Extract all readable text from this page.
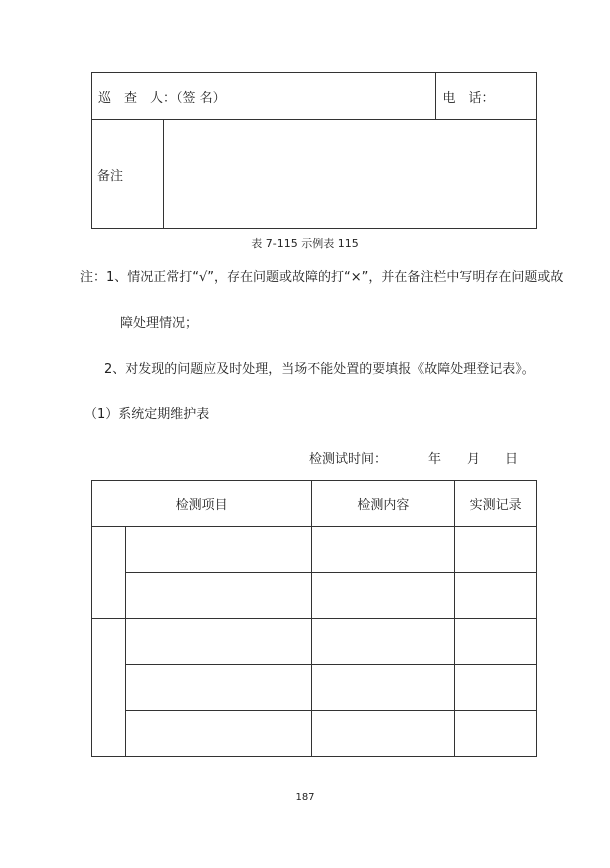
巡　查　人：（签 名）		电　话：
备注		
表 7-115 示例表 115
注：1、情况正常打“√”，存在问题或故障的打“×”，并在备注栏中写明存在问题或故
障处理情况；
2、对发现的问题应及时处理，当场不能处置的要填报《故障处理登记表》。
（1）系统定期维护表
检测试时间：	年 月 日
检测项目		检测内容	实测记录

187
